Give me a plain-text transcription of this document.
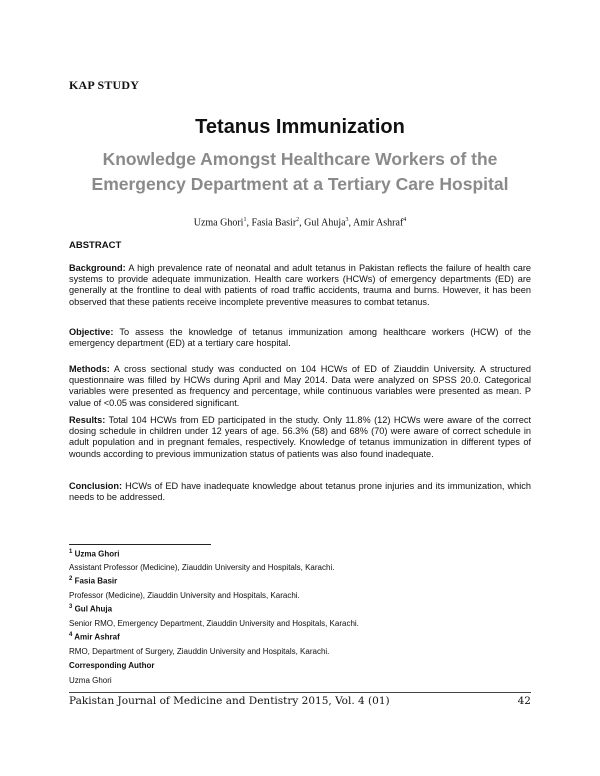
KAP STUDY
Tetanus Immunization
Knowledge Amongst Healthcare Workers of the Emergency Department at a Tertiary Care Hospital
Uzma Ghori$^1$, Fasia Basir$^2$, Gul Ahuja$^3$, Amir Ashraf$^4$
ABSTRACT
Background: A high prevalence rate of neonatal and adult tetanus in Pakistan reflects the failure of health care systems to provide adequate immunization. Health care workers (HCWs) of emergency departments (ED) are generally at the frontline to deal with patients of road traffic accidents, trauma and burns. However, it has been observed that these patients receive incomplete preventive measures to combat tetanus.
Objective: To assess the knowledge of tetanus immunization among healthcare workers (HCW) of the emergency department (ED) at a tertiary care hospital.
Methods: A cross sectional study was conducted on 104 HCWs of ED of Ziauddin University. A structured questionnaire was filled by HCWs during April and May 2014. Data were analyzed on SPSS 20.0. Categorical variables were presented as frequency and percentage, while continuous variables were presented as mean. P value of <0.05 was considered significant.
Results: Total 104 HCWs from ED participated in the study. Only 11.8% (12) HCWs were aware of the correct dosing schedule in children under 12 years of age. 56.3% (58) and 68% (70) were aware of correct schedule in adult population and in pregnant females, respectively. Knowledge of tetanus immunization in different types of wounds according to previous immunization status of patients was also found inadequate.
Conclusion: HCWs of ED have inadequate knowledge about tetanus prone injuries and its immunization, which needs to be addressed.
$^1$ Uzma Ghori
Assistant Professor (Medicine), Ziauddin University and Hospitals, Karachi.
$^2$ Fasia Basir
Professor (Medicine), Ziauddin University and Hospitals, Karachi.
$^3$ Gul Ahuja
Senior RMO, Emergency Department, Ziauddin University and Hospitals, Karachi.
$^4$ Amir Ashraf
RMO, Department of Surgery, Ziauddin University and Hospitals, Karachi.
Corresponding Author
Uzma Ghori
Pakistan Journal of Medicine and Dentistry 2015, Vol. 4 (01)	42
